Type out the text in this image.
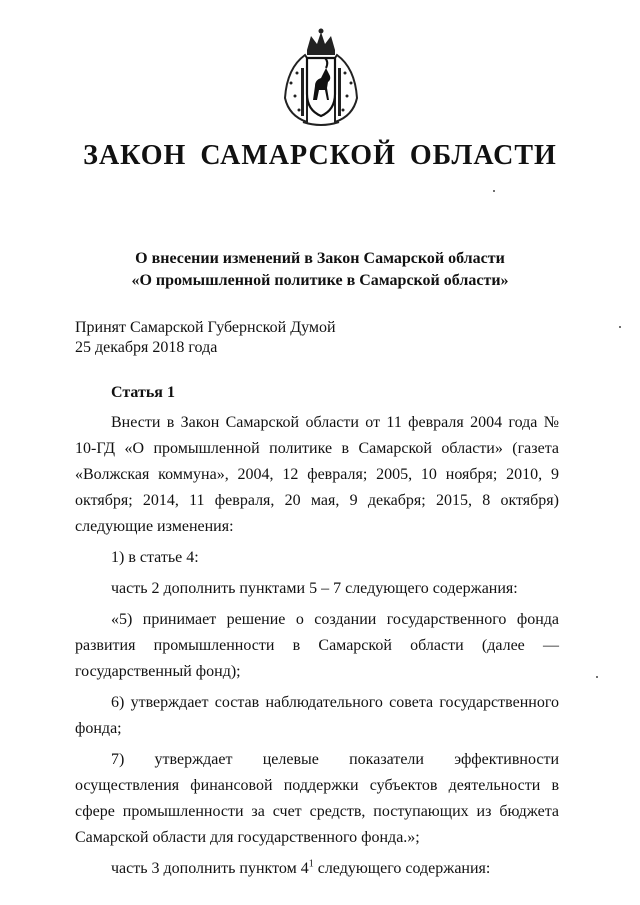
ЗАКОН САМАРСКОЙ ОБЛАСТИ
О внесении изменений в Закон Самарской области
«О промышленной политике в Самарской области»
Принят Самарской Губернской Думой
25 декабря 2018 года
Статья 1

Внести в Закон Самарской области от 11 февраля 2004 года № 10-ГД «О промышленной политике в Самарской области» (газета «Волжская коммуна», 2004, 12 февраля; 2005, 10 ноября; 2010, 9 октября; 2014, 11 февраля, 20 мая, 9 декабря; 2015, 8 октября) следующие изменения:

1) в статье 4:

часть 2 дополнить пунктами 5 – 7 следующего содержания:

«5) принимает решение о создании государственного фонда развития промышленности в Самарской области (далее — государственный фонд);

6) утверждает состав наблюдательного совета государственного фонда;

7) утверждает целевые показатели эффективности осуществления финансовой поддержки субъектов деятельности в сфере промышленности за счет средств, поступающих из бюджета Самарской области для государственного фонда.»;

часть 3 дополнить пунктом $4^1$ следующего содержания:
